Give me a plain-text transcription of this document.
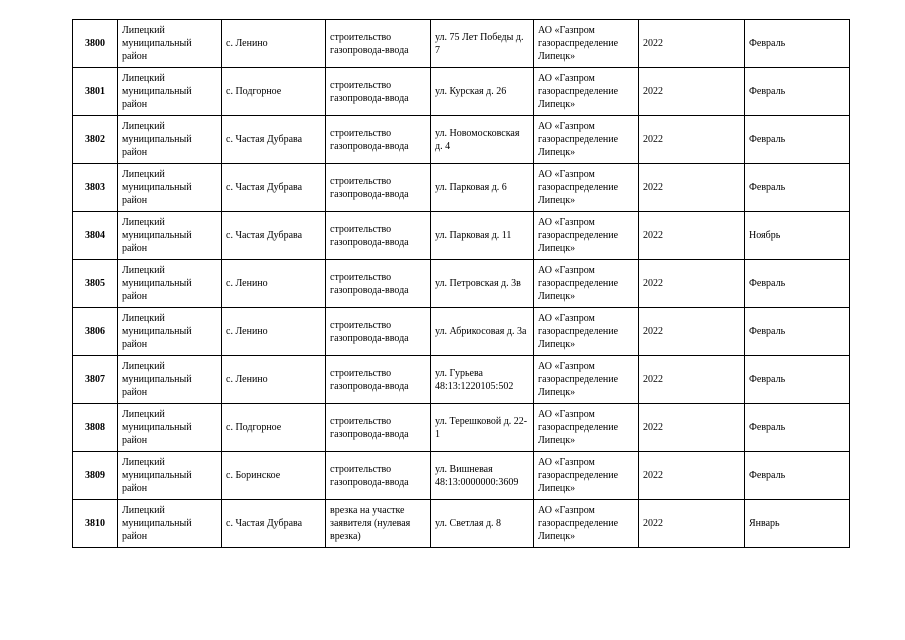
3800	Липецкий муниципальный район	с. Ленино	строительство газопровода-ввода	ул. 75 Лет Победы д. 7	АО «Газпром газораспределение Липецк»	2022	Февраль
3801	Липецкий муниципальный район	с. Подгорное	строительство газопровода-ввода	ул. Курская д. 26	АО «Газпром газораспределение Липецк»	2022	Февраль
3802	Липецкий муниципальный район	с. Частая Дубрава	строительство газопровода-ввода	ул. Новомосковская д. 4	АО «Газпром газораспределение Липецк»	2022	Февраль
3803	Липецкий муниципальный район	с. Частая Дубрава	строительство газопровода-ввода	ул. Парковая д. 6	АО «Газпром газораспределение Липецк»	2022	Февраль
3804	Липецкий муниципальный район	с. Частая Дубрава	строительство газопровода-ввода	ул. Парковая д. 11	АО «Газпром газораспределение Липецк»	2022	Ноябрь
3805	Липецкий муниципальный район	с. Ленино	строительство газопровода-ввода	ул. Петровская д. 3в	АО «Газпром газораспределение Липецк»	2022	Февраль
3806	Липецкий муниципальный район	с. Ленино	строительство газопровода-ввода	ул. Абрикосовая д. 3а	АО «Газпром газораспределение Липецк»	2022	Февраль
3807	Липецкий муниципальный район	с. Ленино	строительство газопровода-ввода	ул. Гурьева 48:13:1220105:502	АО «Газпром газораспределение Липецк»	2022	Февраль
3808	Липецкий муниципальный район	с. Подгорное	строительство газопровода-ввода	ул. Терешковой д. 22-1	АО «Газпром газораспределение Липецк»	2022	Февраль
3809	Липецкий муниципальный район	с. Боринское	строительство газопровода-ввода	ул. Вишневая 48:13:0000000:3609	АО «Газпром газораспределение Липецк»	2022	Февраль
3810	Липецкий муниципальный район	с. Частая Дубрава	врезка на участке заявителя (нулевая врезка)	ул. Светлая д. 8	АО «Газпром газораспределение Липецк»	2022	Январь
